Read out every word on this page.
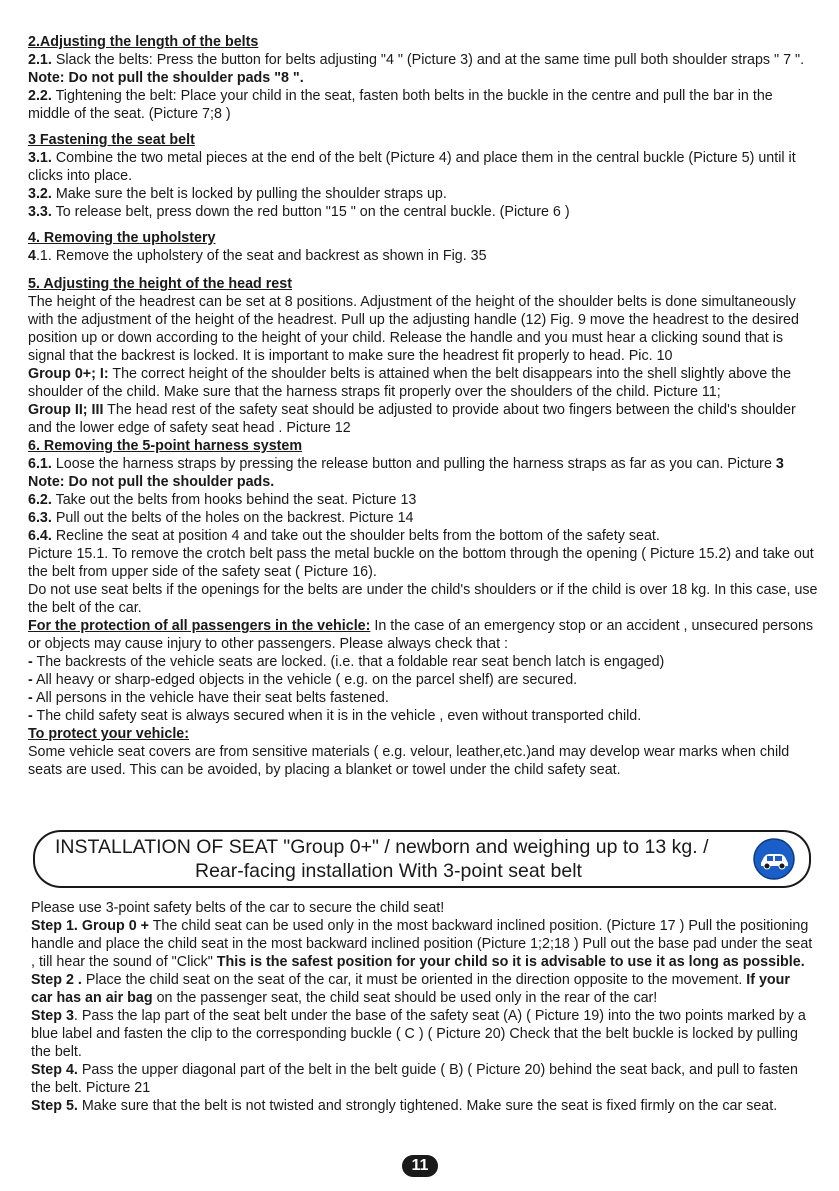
2.Adjusting the length of the belts

2.1. Slack the belts: Press the button for belts adjusting "4 " (Picture 3) and at the same time pull both shoulder straps " 7 ". Note: Do not pull the shoulder pads "8 ".

2.2. Tightening the belt: Place your child in the seat, fasten both belts in the buckle in the centre and pull the bar in the middle of the seat. (Picture 7;8 )

3 Fastening the seat belt

3.1. Combine the two metal pieces at the end of the belt (Picture 4) and place them in the central buckle (Picture 5) until it clicks into place.

3.2. Make sure the belt is locked by pulling the shoulder straps up.

3.3. To release belt, press down the red button "15 " on the central buckle. (Picture 6 )

4. Removing the upholstery

4.1. Remove the upholstery of the seat and backrest as shown in Fig. 35

5. Adjusting the height of the head rest

The height of the headrest can be set at 8 positions. Adjustment of the height of the shoulder belts is done simultaneously with the adjustment of the height of the headrest. Pull up the adjusting handle (12) Fig. 9 move the headrest to the desired position up or down according to the height of your child. Release the handle and you must hear a clicking sound that is signal that the backrest is locked. It is important to make sure the headrest fit properly to head. Pic. 10

Group 0+; I: The correct height of the shoulder belts is attained when the belt disappears into the shell slightly above the shoulder of the child. Make sure that the harness straps fit properly over the shoulders of the child. Picture 11;

Group II; III The head rest of the safety seat should be adjusted to provide about two fingers between the child's shoulder and the lower edge of safety seat head . Picture 12

6. Removing the 5-point harness system

6.1. Loose the harness straps by pressing the release button and pulling the harness straps as far as you can. Picture 3 Note: Do not pull the shoulder pads.

6.2. Take out the belts from hooks behind the seat. Picture 13

6.3. Pull out the belts of the holes on the backrest. Picture 14

6.4. Recline the seat at position 4 and take out the shoulder belts from the bottom of the safety seat.

Picture 15.1. To remove the crotch belt pass the metal buckle on the bottom through the opening ( Picture 15.2) and take out the belt from upper side of the safety seat ( Picture 16).

Do not use seat belts if the openings for the belts are under the child's shoulders or if the child is over 18 kg. In this case, use the belt of the car.

For the protection of all passengers in the vehicle: In the case of an emergency stop or an accident , unsecured persons or objects may cause injury to other passengers. Please always check that :

- The backrests of the vehicle seats are locked. (i.e. that a foldable rear seat bench latch is engaged)

- All heavy or sharp-edged objects in the vehicle ( e.g. on the parcel shelf) are secured.

- All persons in the vehicle have their seat belts fastened.

- The child safety seat is always secured when it is in the vehicle , even without transported child.

To protect your vehicle:

Some vehicle seat covers are from sensitive materials ( e.g. velour, leather,etc.)and may develop wear marks when child seats are used. This can be avoided, by placing a blanket or towel under the child safety seat.

INSTALLATION OF SEAT "Group 0+" / newborn and weighing up to 13 kg. /
Rear-facing installation With 3-point seat belt

Please use 3-point safety belts of the car to secure the child seat!

Step 1. Group 0 + The child seat can be used only in the most backward inclined position. (Picture 17 ) Pull the positioning handle and place the child seat in the most backward inclined position (Picture 1;2;18 ) Pull out the base pad under the seat , till hear the sound of "Click" This is the safest position for your child so it is advisable to use it as long as possible.

Step 2 . Place the child seat on the seat of the car, it must be oriented in the direction opposite to the movement. If your car has an air bag on the passenger seat, the child seat should be used only in the rear of the car!

Step 3. Pass the lap part of the seat belt under the base of the safety seat (A) ( Picture 19) into the two points marked by a blue label and fasten the clip to the corresponding buckle ( C ) ( Picture 20) Check that the belt buckle is locked by pulling the belt.

Step 4. Pass the upper diagonal part of the belt in the belt guide ( B) ( Picture 20) behind the seat back, and pull to fasten the belt. Picture 21

Step 5. Make sure that the belt is not twisted and strongly tightened. Make sure the seat is fixed firmly on the car seat.

11
